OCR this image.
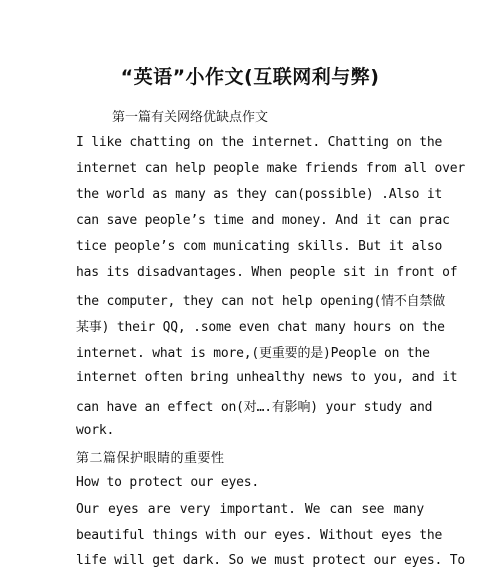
“英语”小作文(互联网利与弊)
第一篇有关网络优缺点作文
I like chatting on the internet. Chatting on the
internet can help people make friends from all over
the world as many as they can(possible) .Also it
can save people’s time and money. And it can prac
tice people’s com municating skills. But it also
has its disadvantages. When people sit in front of
the computer, they can not help opening(情不自禁做
某事) their QQ, .some even chat many hours on the
internet. what is more,(更重要的是)People on the
internet often bring unhealthy news to you, and it
can have an effect on(对….有影响) your study and
work.
第二篇保护眼睛的重要性
How to protect our eyes.
Our eyes are very important. We can see many
beautiful things with our eyes. Without eyes the
life will get dark. So we must protect our eyes. To
